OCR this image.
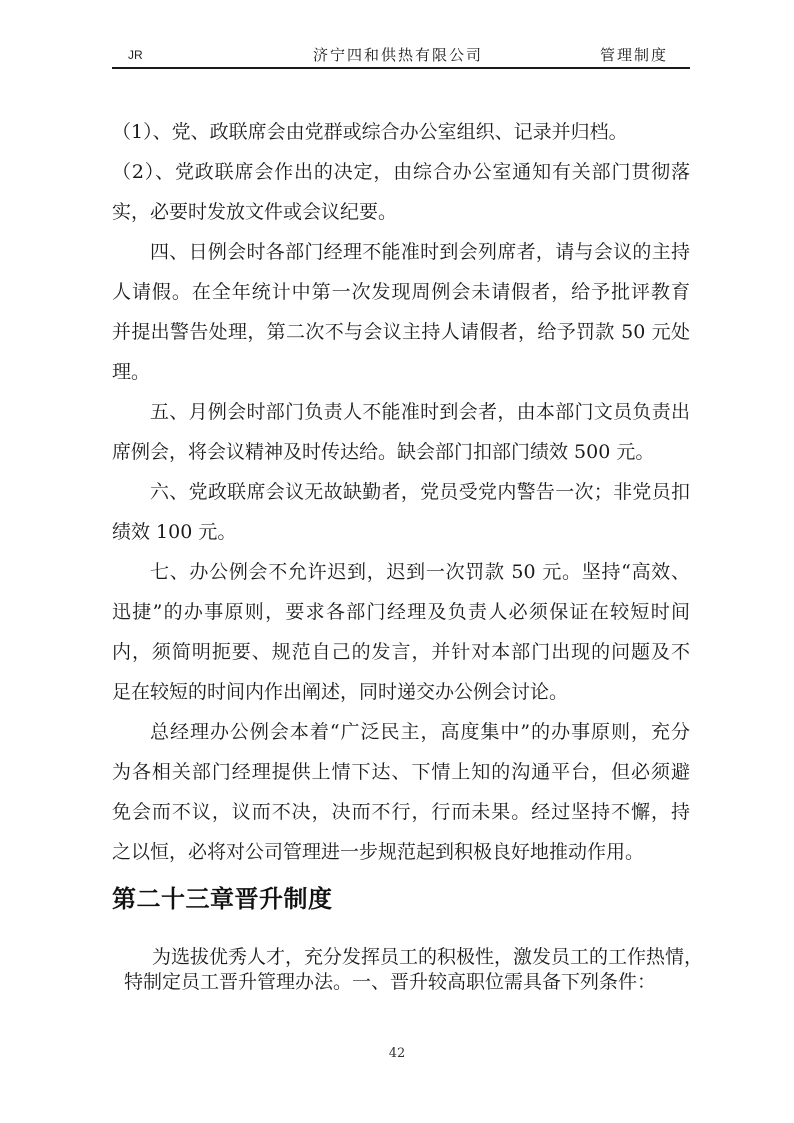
JR	济宁四和供热有限公司	管理制度
（1）、党、政联席会由党群或综合办公室组织、记录并归档。
（2）、党政联席会作出的决定，由综合办公室通知有关部门贯彻落
实，必要时发放文件或会议纪要。
四、日例会时各部门经理不能准时到会列席者，请与会议的主持
人请假。在全年统计中第一次发现周例会未请假者，给予批评教育
并提出警告处理，第二次不与会议主持人请假者，给予罚款 50 元处
理。
五、月例会时部门负责人不能准时到会者，由本部门文员负责出
席例会，将会议精神及时传达给。缺会部门扣部门绩效 500 元。
六、党政联席会议无故缺勤者，党员受党内警告一次；非党员扣
绩效 100 元。
七、办公例会不允许迟到，迟到一次罚款 50 元。坚持“高效、
迅捷”的办事原则，要求各部门经理及负责人必须保证在较短时间
内，须简明扼要、规范自己的发言，并针对本部门出现的问题及不
足在较短的时间内作出阐述，同时递交办公例会讨论。
总经理办公例会本着“广泛民主，高度集中”的办事原则，充分
为各相关部门经理提供上情下达、下情上知的沟通平台，但必须避
免会而不议，议而不决，决而不行，行而未果。经过坚持不懈，持
之以恒，必将对公司管理进一步规范起到积极良好地推动作用。
第二十三章晋升制度
为选拔优秀人才，充分发挥员工的积极性，激发员工的工作热情，
特制定员工晋升管理办法。一、晋升较高职位需具备下列条件：
42
